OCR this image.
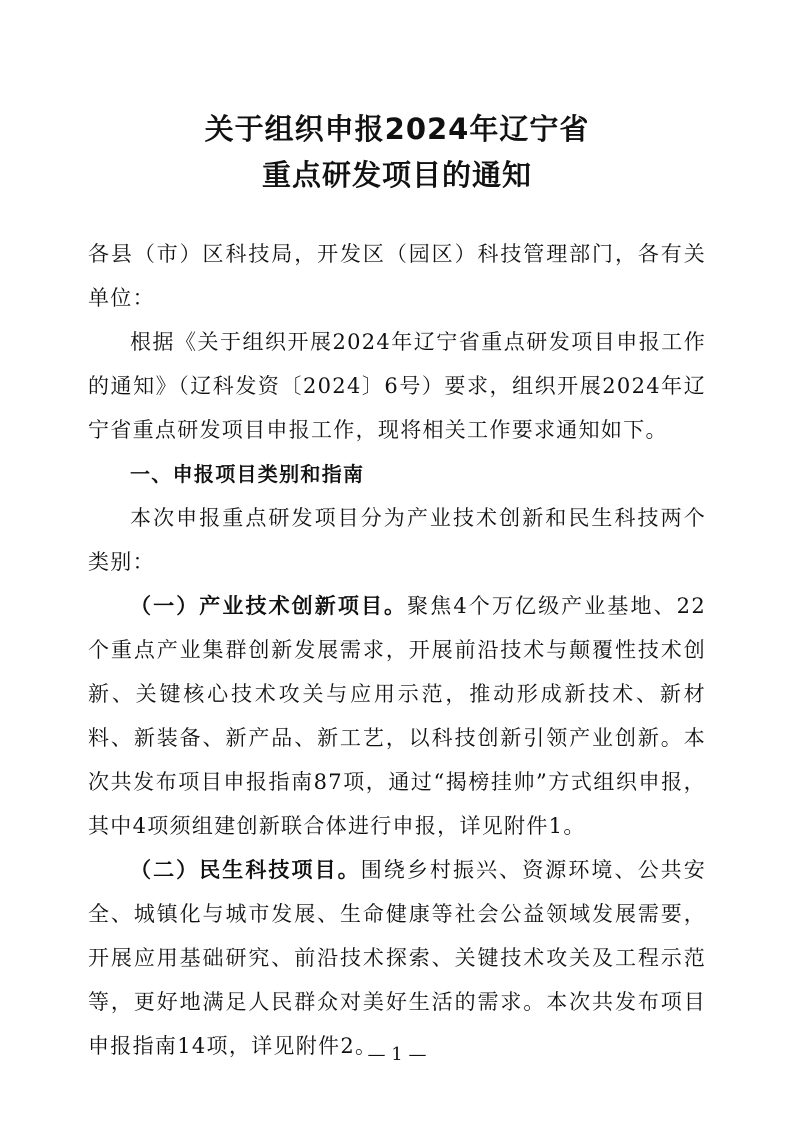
关于组织申报2024年辽宁省
重点研发项目的通知

各县（市）区科技局，开发区（园区）科技管理部门，各有关单位：

根据《关于组织开展2024年辽宁省重点研发项目申报工作的通知》（辽科发资〔2024〕6号）要求，组织开展2024年辽宁省重点研发项目申报工作，现将相关工作要求通知如下。

一、申报项目类别和指南

本次申报重点研发项目分为产业技术创新和民生科技两个类别：

（一）产业技术创新项目。聚焦4个万亿级产业基地、22个重点产业集群创新发展需求，开展前沿技术与颠覆性技术创新、关键核心技术攻关与应用示范，推动形成新技术、新材料、新装备、新产品、新工艺，以科技创新引领产业创新。本次共发布项目申报指南87项，通过“揭榜挂帅”方式组织申报，其中4项须组建创新联合体进行申报，详见附件1。

（二）民生科技项目。围绕乡村振兴、资源环境、公共安全、城镇化与城市发展、生命健康等社会公益领域发展需要，开展应用基础研究、前沿技术探索、关键技术攻关及工程示范等，更好地满足人民群众对美好生活的需求。本次共发布项目申报指南14项，详见附件2。

— 1 —
